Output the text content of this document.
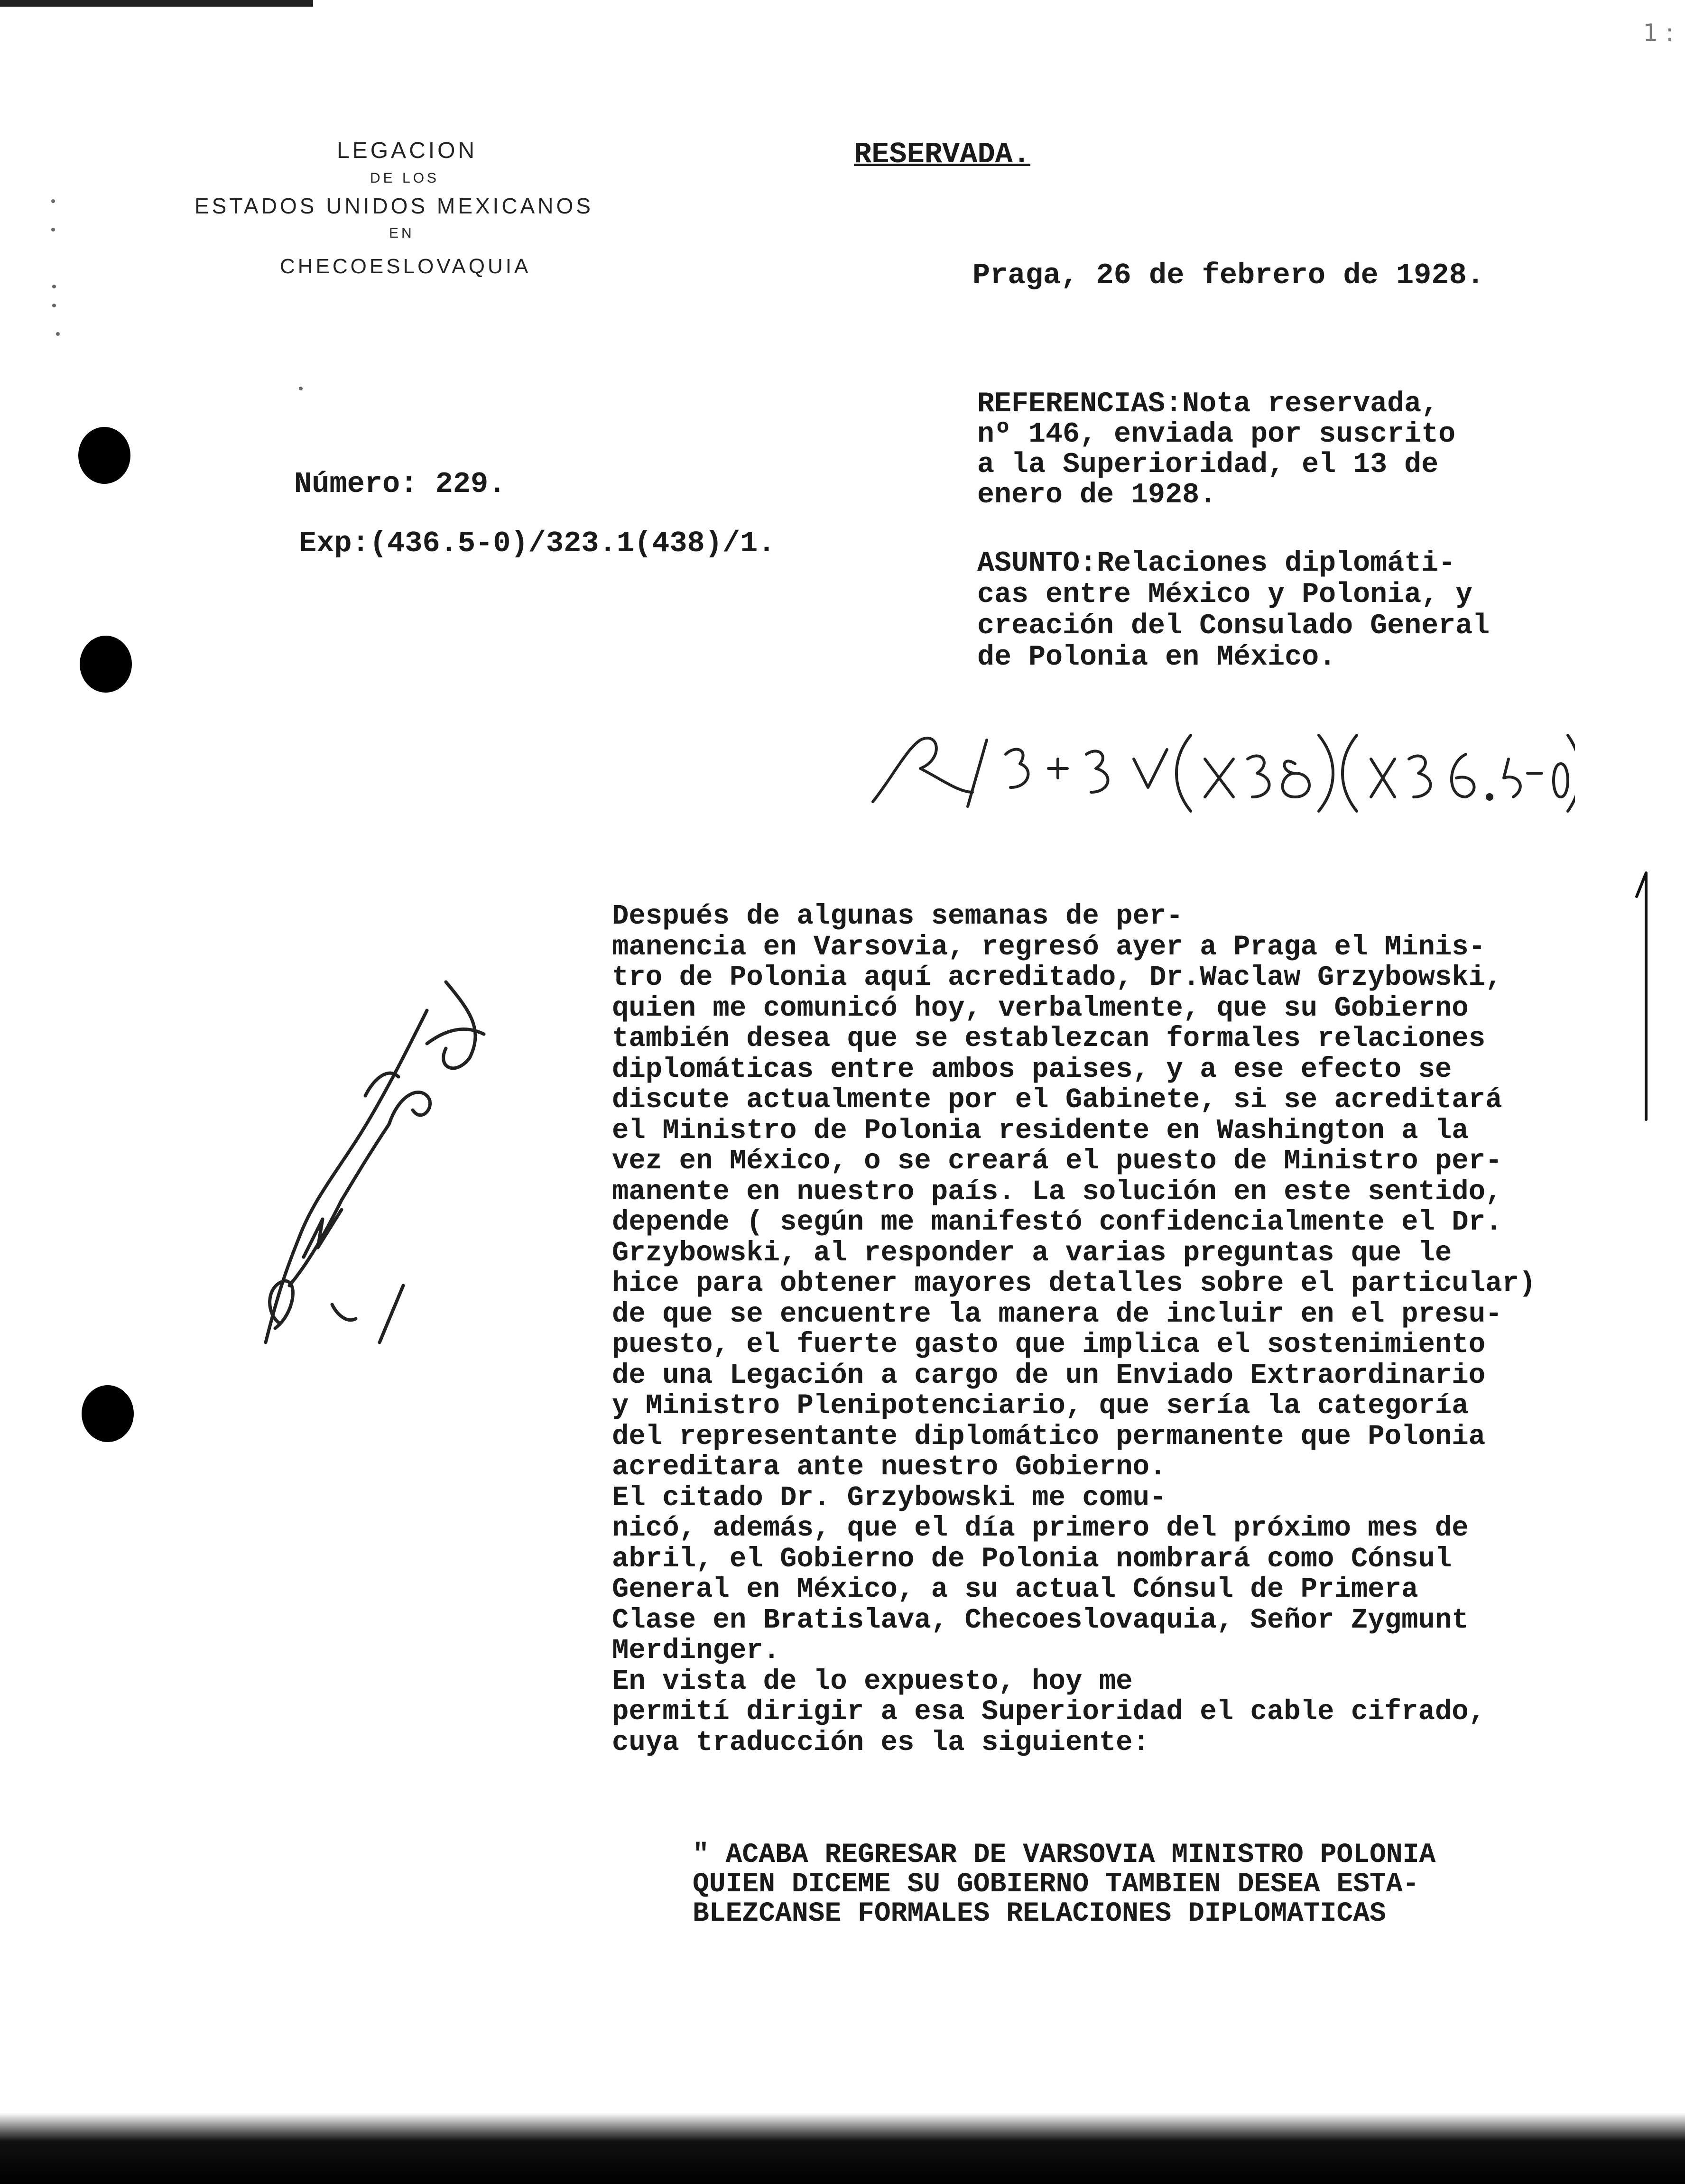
1 :
LEGACION
DE LOS
ESTADOS UNIDOS MEXICANOS
EN
CHECOESLOVAQUIA
RESERVADA.
Praga, 26 de febrero de 1928.
Número: 229.
Exp:(436.5-0)/323.1(438)/1.
REFERENCIAS:Nota reservada,
nº 146, enviada por suscrito
a la Superioridad, el 13 de
enero de 1928.
ASUNTO:Relaciones diplomáti-
cas entre México y Polonia, y
creación del Consulado General
de Polonia en México.
Después de algunas semanas de per-
manencia en Varsovia, regresó ayer a Praga el Minis-
tro de Polonia aquí acreditado, Dr.Waclaw Grzybowski,
quien me comunicó hoy, verbalmente, que su Gobierno
también desea que se establezcan formales relaciones
diplomáticas entre ambos paises, y a ese efecto se
discute actualmente por el Gabinete, si se acreditará
el Ministro de Polonia residente en Washington a la
vez en México, o se creará el puesto de Ministro per-
manente en nuestro país. La solución en este sentido,
depende ( según me manifestó confidencialmente el Dr.
Grzybowski, al responder a varias preguntas que le
hice para obtener mayores detalles sobre el particular)
de que se encuentre la manera de incluir en el presu-
puesto, el fuerte gasto que implica el sostenimiento
de una Legación a cargo de un Enviado Extraordinario
y Ministro Plenipotenciario, que sería la categoría
del representante diplomático permanente que Polonia
acreditara ante nuestro Gobierno.
El citado Dr. Grzybowski me comu-
nicó, además, que el día primero del próximo mes de
abril, el Gobierno de Polonia nombrará como Cónsul
General en México, a su actual Cónsul de Primera
Clase en Bratislava, Checoeslovaquia, Señor Zygmunt
Merdinger.
En vista de lo expuesto, hoy me
permití dirigir a esa Superioridad el cable cifrado,
cuya traducción es la siguiente:
" ACABA REGRESAR DE VARSOVIA MINISTRO POLONIA
QUIEN DICEME SU GOBIERNO TAMBIEN DESEA ESTA-
BLEZCANSE FORMALES RELACIONES DIPLOMATICAS
